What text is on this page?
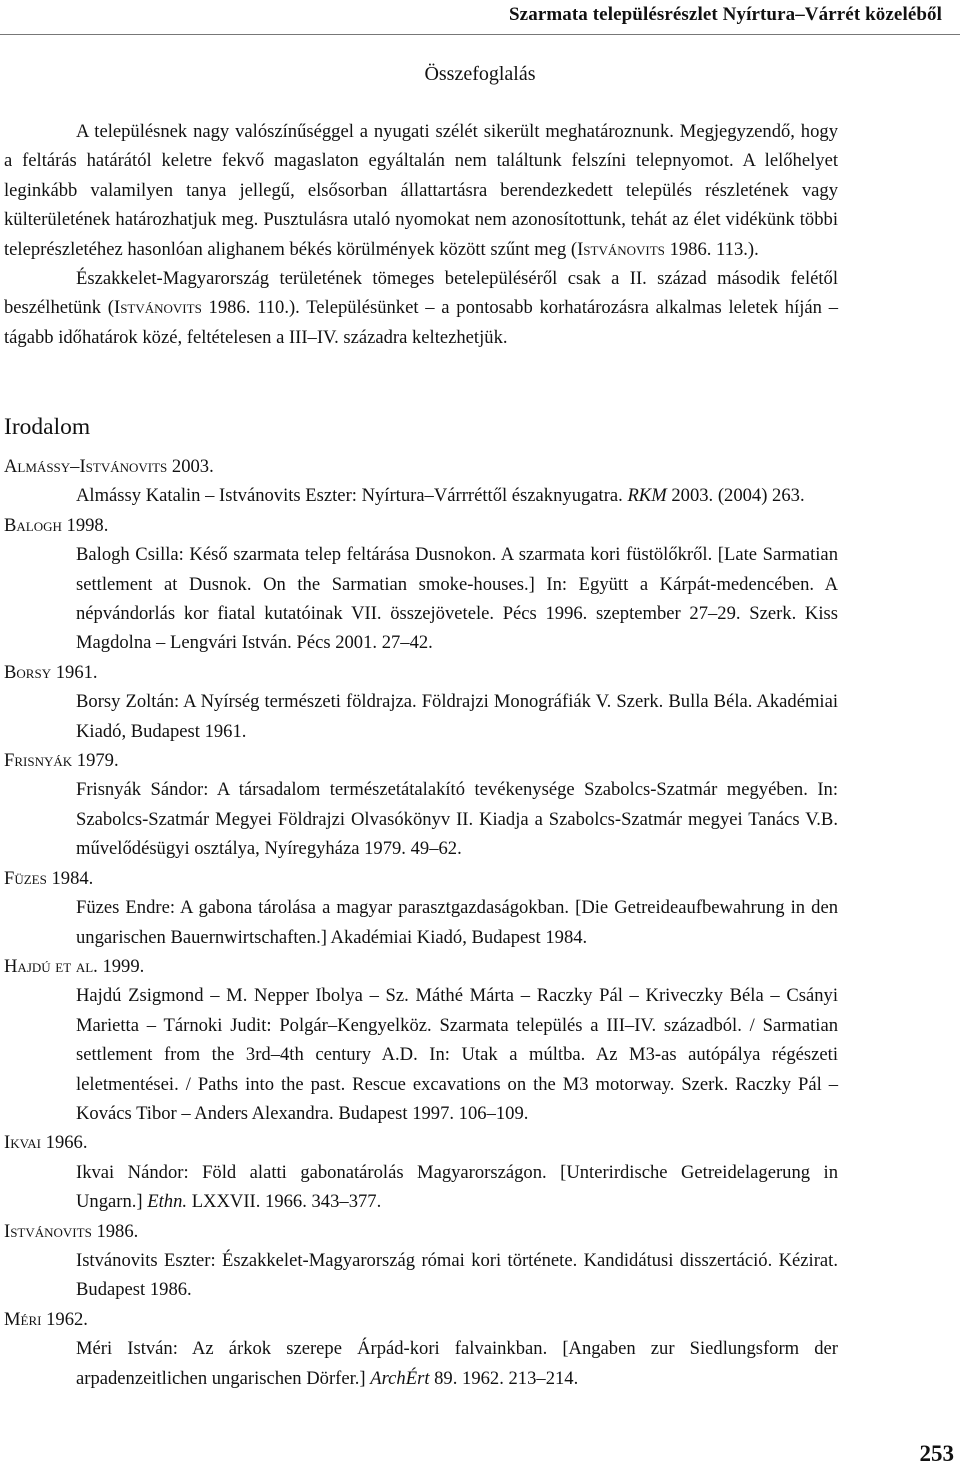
Szarmata településrészlet Nyírtura–Várrét közeléből
Összefoglalás

A településnek nagy valószínűséggel a nyugati szélét sikerült meghatároznunk. Megjegyzendő, hogy a feltárás határától keletre fekvő magaslaton egyáltalán nem találtunk felszíni telepnyomot. A lelőhelyet leginkább valamilyen tanya jellegű, elsősorban állattartásra berendezkedett település részletének vagy külterületének határozhatjuk meg. Pusztulásra utaló nyomokat nem azonosítottunk, tehát az élet vidékünk többi teleprészletéhez hasonlóan alighanem békés körülmények között szűnt meg (Istvánovits 1986. 113.).

Északkelet-Magyarország területének tömeges betelepüléséről csak a II. század második felétől beszélhetünk (Istvánovits 1986. 110.). Településünket – a pontosabb korhatározásra alkalmas leletek híján – tágabb időhatárok közé, feltételesen a III–IV. századra keltezhetjük.

Irodalom

Almássy–Istvánovits 2003.

Almássy Katalin – Istvánovits Eszter: Nyírtura–Várrréttől északnyugatra. RKM 2003. (2004) 263.

Balogh 1998.

Balogh Csilla: Késő szarmata telep feltárása Dusnokon. A szarmata kori füstölőkről. [Late Sarmatian settlement at Dusnok. On the Sarmatian smoke-houses.] In: Együtt a Kárpát-medencében. A népvándorlás kor fiatal kutatóinak VII. összejövetele. Pécs 1996. szeptember 27–29. Szerk. Kiss Magdolna – Lengvári István. Pécs 2001. 27–42.

Borsy 1961.

Borsy Zoltán: A Nyírség természeti földrajza. Földrajzi Monográfiák V. Szerk. Bulla Béla. Akadémiai Kiadó, Budapest 1961.

Frisnyák 1979.

Frisnyák Sándor: A társadalom természetátalakító tevékenysége Szabolcs-Szatmár megyében. In: Szabolcs-Szatmár Megyei Földrajzi Olvasókönyv II. Kiadja a Szabolcs-Szatmár megyei Tanács V.B. művelődésügyi osztálya, Nyíregyháza 1979. 49–62.

Füzes 1984.

Füzes Endre: A gabona tárolása a magyar parasztgazdaságokban. [Die Getreideaufbewahrung in den ungarischen Bauernwirtschaften.] Akadémiai Kiadó, Budapest 1984.

Hajdú et al. 1999.

Hajdú Zsigmond – M. Nepper Ibolya – Sz. Máthé Márta – Raczky Pál – Kriveczky Béla – Csányi Marietta – Tárnoki Judit: Polgár–Kengyelköz. Szarmata település a III–IV. századból. / Sarmatian settlement from the 3rd–4th century A.D. In: Utak a múltba. Az M3-as autópálya régészeti leletmentései. / Paths into the past. Rescue excavations on the M3 motorway. Szerk. Raczky Pál – Kovács Tibor – Anders Alexandra. Budapest 1997. 106–109.

Ikvai 1966.

Ikvai Nándor: Föld alatti gabonatárolás Magyarországon. [Unterirdische Getreidelagerung in Ungarn.] Ethn. LXXVII. 1966. 343–377.

Istvánovits 1986.

Istvánovits Eszter: Északkelet-Magyarország római kori története. Kandidátusi disszertáció. Kézirat. Budapest 1986.

Méri 1962.

Méri István: Az árkok szerepe Árpád-kori falvainkban. [Angaben zur Siedlungsform der arpadenzeitlichen ungarischen Dörfer.] ArchÉrt 89. 1962. 213–214.

253
